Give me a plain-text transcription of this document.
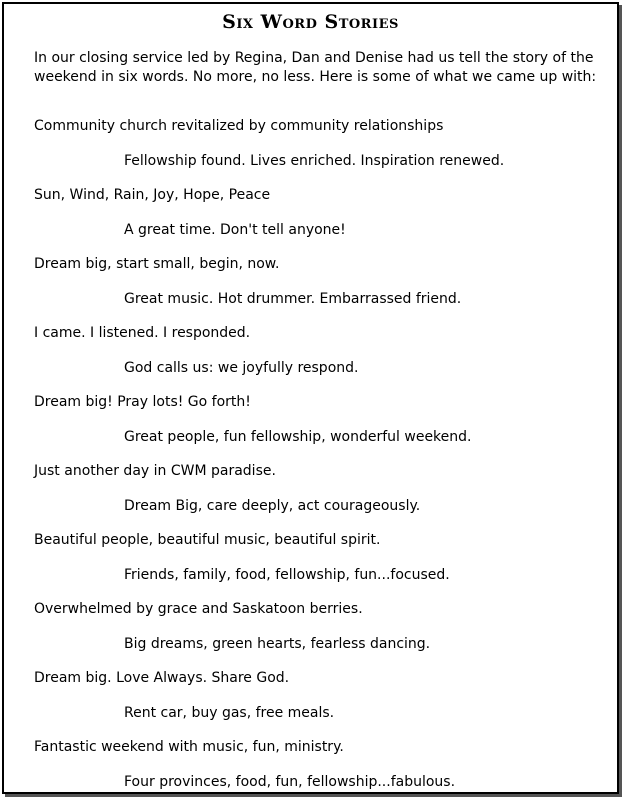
Six Word Stories
In our closing service led by Regina, Dan and Denise had us tell the story of the weekend in six words. No more, no less. Here is some of what we came up with:
Community church revitalized by community relationships
Fellowship found. Lives enriched. Inspiration renewed.
Sun, Wind, Rain, Joy, Hope, Peace
A great time. Don't tell anyone!
Dream big, start small, begin, now.
Great music. Hot drummer. Embarrassed friend.
I came. I listened. I responded.
God calls us: we joyfully respond.
Dream big! Pray lots! Go forth!
Great people, fun fellowship, wonderful weekend.
Just another day in CWM paradise.
Dream Big, care deeply, act courageously.
Beautiful people, beautiful music, beautiful spirit.
Friends, family, food, fellowship, fun...focused.
Overwhelmed by grace and Saskatoon berries.
Big dreams, green hearts, fearless dancing.
Dream big. Love Always. Share God.
Rent car, buy gas, free meals.
Fantastic weekend with music, fun, ministry.
Four provinces, food, fun, fellowship...fabulous.
